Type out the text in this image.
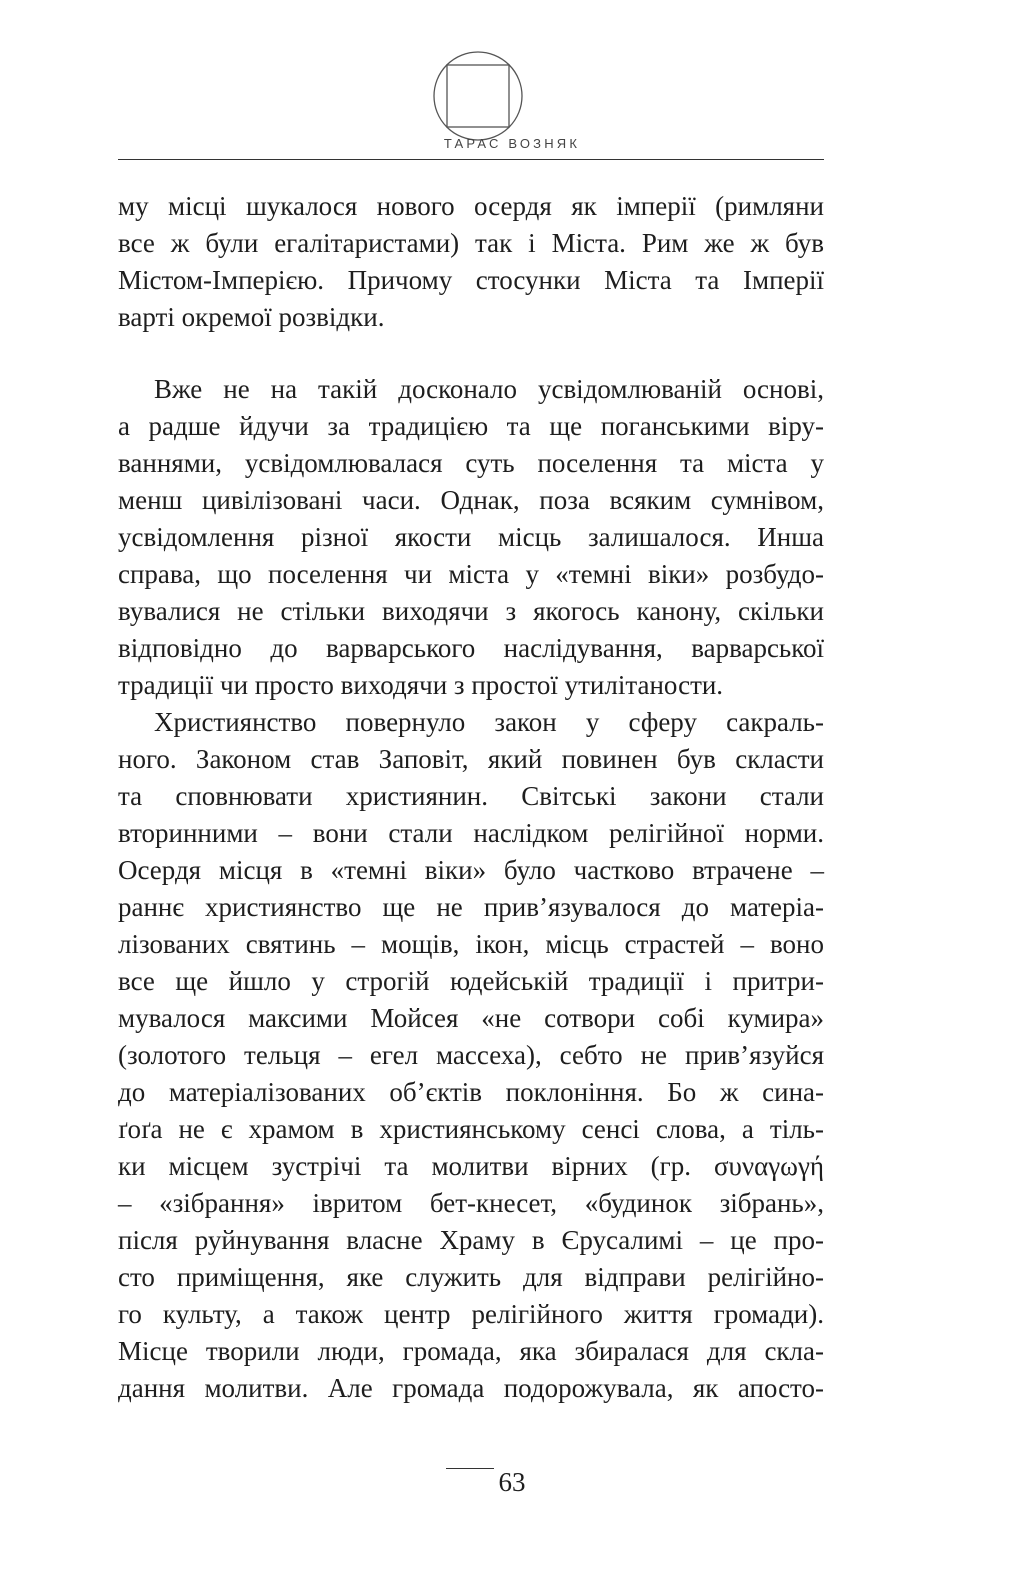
ТАРАС ВОЗНЯК
му місці шукалося нового осердя як імперії (римляни
все ж були егалітаристами) так і Міста. Рим же ж був
Містом-Імперією. Причому стосунки Міста та Імперії
варті окремої розвідки.
Вже не на такій досконало усвідомлюваній основі,
а радше йдучи за традицією та ще поганськими віру-
ваннями, усвідомлювалася суть поселення та міста у
менш цивілізовані часи. Однак, поза всяким сумнівом,
усвідомлення різної якости місць залишалося. Инша
справа, що поселення чи міста у «темні віки» розбудо-
вувалися не стільки виходячи з якогось канону, скільки
відповідно до варварського наслідування, варварської
традиції чи просто виходячи з простої утилітаности.
Християнство повернуло закон у сферу сакраль-
ного. Законом став Заповіт, який повинен був скласти
та сповнювати християнин. Світські закони стали
вторинними – вони стали наслідком релігійної норми.
Осердя місця в «темні віки» було частково втрачене –
раннє християнство ще не прив’язувалося до матеріа-
лізованих святинь – мощів, ікон, місць страстей – воно
все ще йшло у строгій юдейській традиції і притри-
мувалося максими Мойсея «не сотвори собі кумира»
(золотого тельця – егел массеха), себто не прив’язуйся
до матеріалізованих об’єктів поклоніння. Бо ж сина-
ґоґа не є храмом в християнському сенсі слова, а тіль-
ки місцем зустрічі та молитви вірних (гр. συναγωγή
– «зібрання» івритом бет-кнесет, «будинок зібрань»,
після руйнування власне Храму в Єрусалимі – це про-
сто приміщення, яке служить для відправи релігійно-
го культу, а також центр релігійного життя громади).
Місце творили люди, громада, яка збиралася для скла-
дання молитви. Але громада подорожувала, як апосто-
63
